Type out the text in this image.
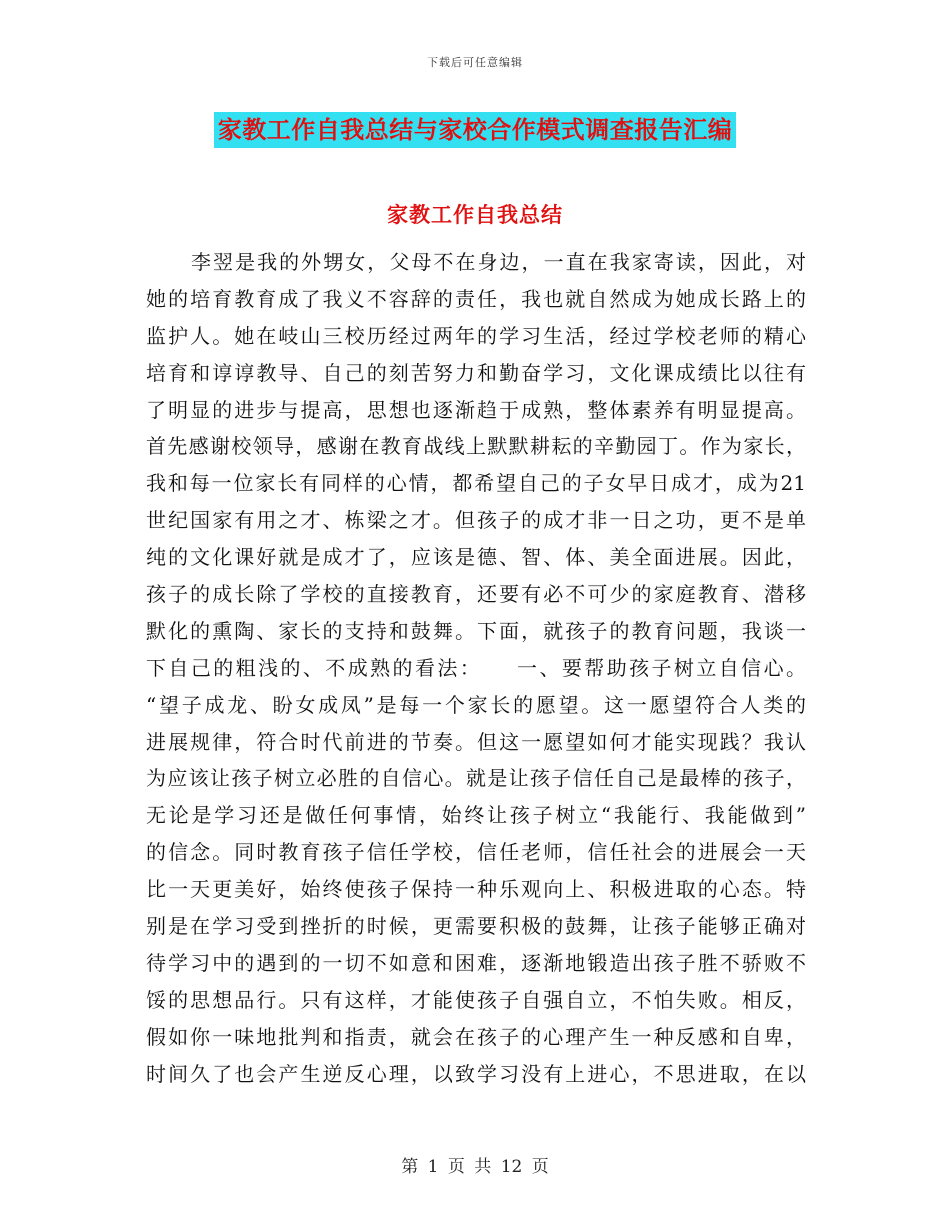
下载后可任意编辑
家教工作自我总结与家校合作模式调查报告汇编
家教工作自我总结
李翌是我的外甥女，父母不在身边，一直在我家寄读，因此，对
她的培育教育成了我义不容辞的责任，我也就自然成为她成长路上的
监护人。她在岐山三校历经过两年的学习生活，经过学校老师的精心
培育和谆谆教导、自己的刻苦努力和勤奋学习，文化课成绩比以往有
了明显的进步与提高，思想也逐渐趋于成熟，整体素养有明显提高。
首先感谢校领导，感谢在教育战线上默默耕耘的辛勤园丁。作为家长，
我和每一位家长有同样的心情，都希望自己的子女早日成才，成为21
世纪国家有用之才、栋梁之才。但孩子的成才非一日之功，更不是单
纯的文化课好就是成才了，应该是德、智、体、美全面进展。因此，
孩子的成长除了学校的直接教育，还要有必不可少的家庭教育、潜移
默化的熏陶、家长的支持和鼓舞。下面，就孩子的教育问题，我谈一
下自己的粗浅的、不成熟的看法：　　一、要帮助孩子树立自信心。
“望子成龙、盼女成凤”是每一个家长的愿望。这一愿望符合人类的
进展规律，符合时代前进的节奏。但这一愿望如何才能实现践？我认
为应该让孩子树立必胜的自信心。就是让孩子信任自己是最棒的孩子，
无论是学习还是做任何事情，始终让孩子树立“我能行、我能做到”
的信念。同时教育孩子信任学校，信任老师，信任社会的进展会一天
比一天更美好，始终使孩子保持一种乐观向上、积极进取的心态。特
别是在学习受到挫折的时候，更需要积极的鼓舞，让孩子能够正确对
待学习中的遇到的一切不如意和困难，逐渐地锻造出孩子胜不骄败不
馁的思想品行。只有这样，才能使孩子自强自立，不怕失败。相反，
假如你一味地批判和指责，就会在孩子的心理产生一种反感和自卑，
时间久了也会产生逆反心理，以致学习没有上进心，不思进取，在以
第 1 页 共 12 页
